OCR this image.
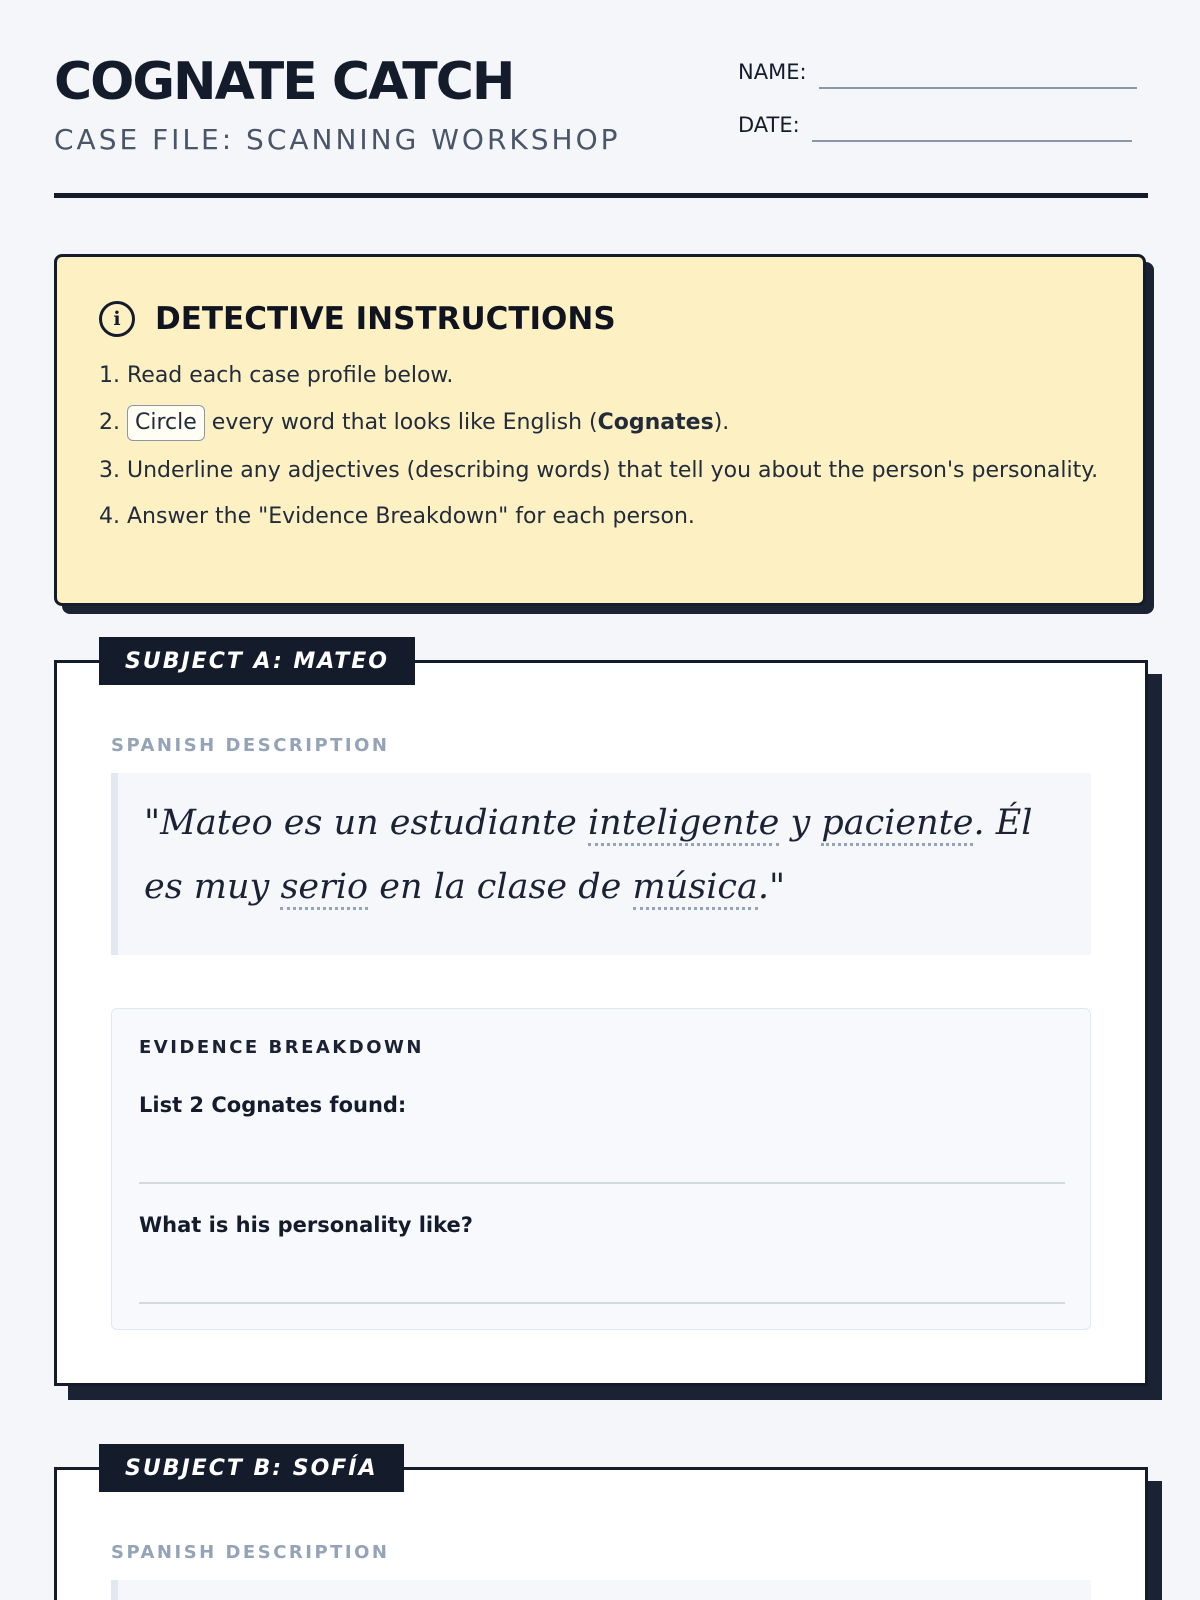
COGNATE CATCH
CASE FILE: SCANNING WORKSHOP
NAME:
DATE:
i	DETECTIVE INSTRUCTIONS
1. Read each case profile below.
2. Circle every word that looks like English (Cognates).
3. Underline any adjectives (describing words) that tell you about the person's personality.
4. Answer the "Evidence Breakdown" for each person.
SUBJECT A: MATEO
SPANISH DESCRIPTION
"Mateo es un estudiante inteligente y paciente. Él es muy serio en la clase de música."
EVIDENCE BREAKDOWN
List 2 Cognates found:
What is his personality like?
SUBJECT B: SOFÍA
SPANISH DESCRIPTION
